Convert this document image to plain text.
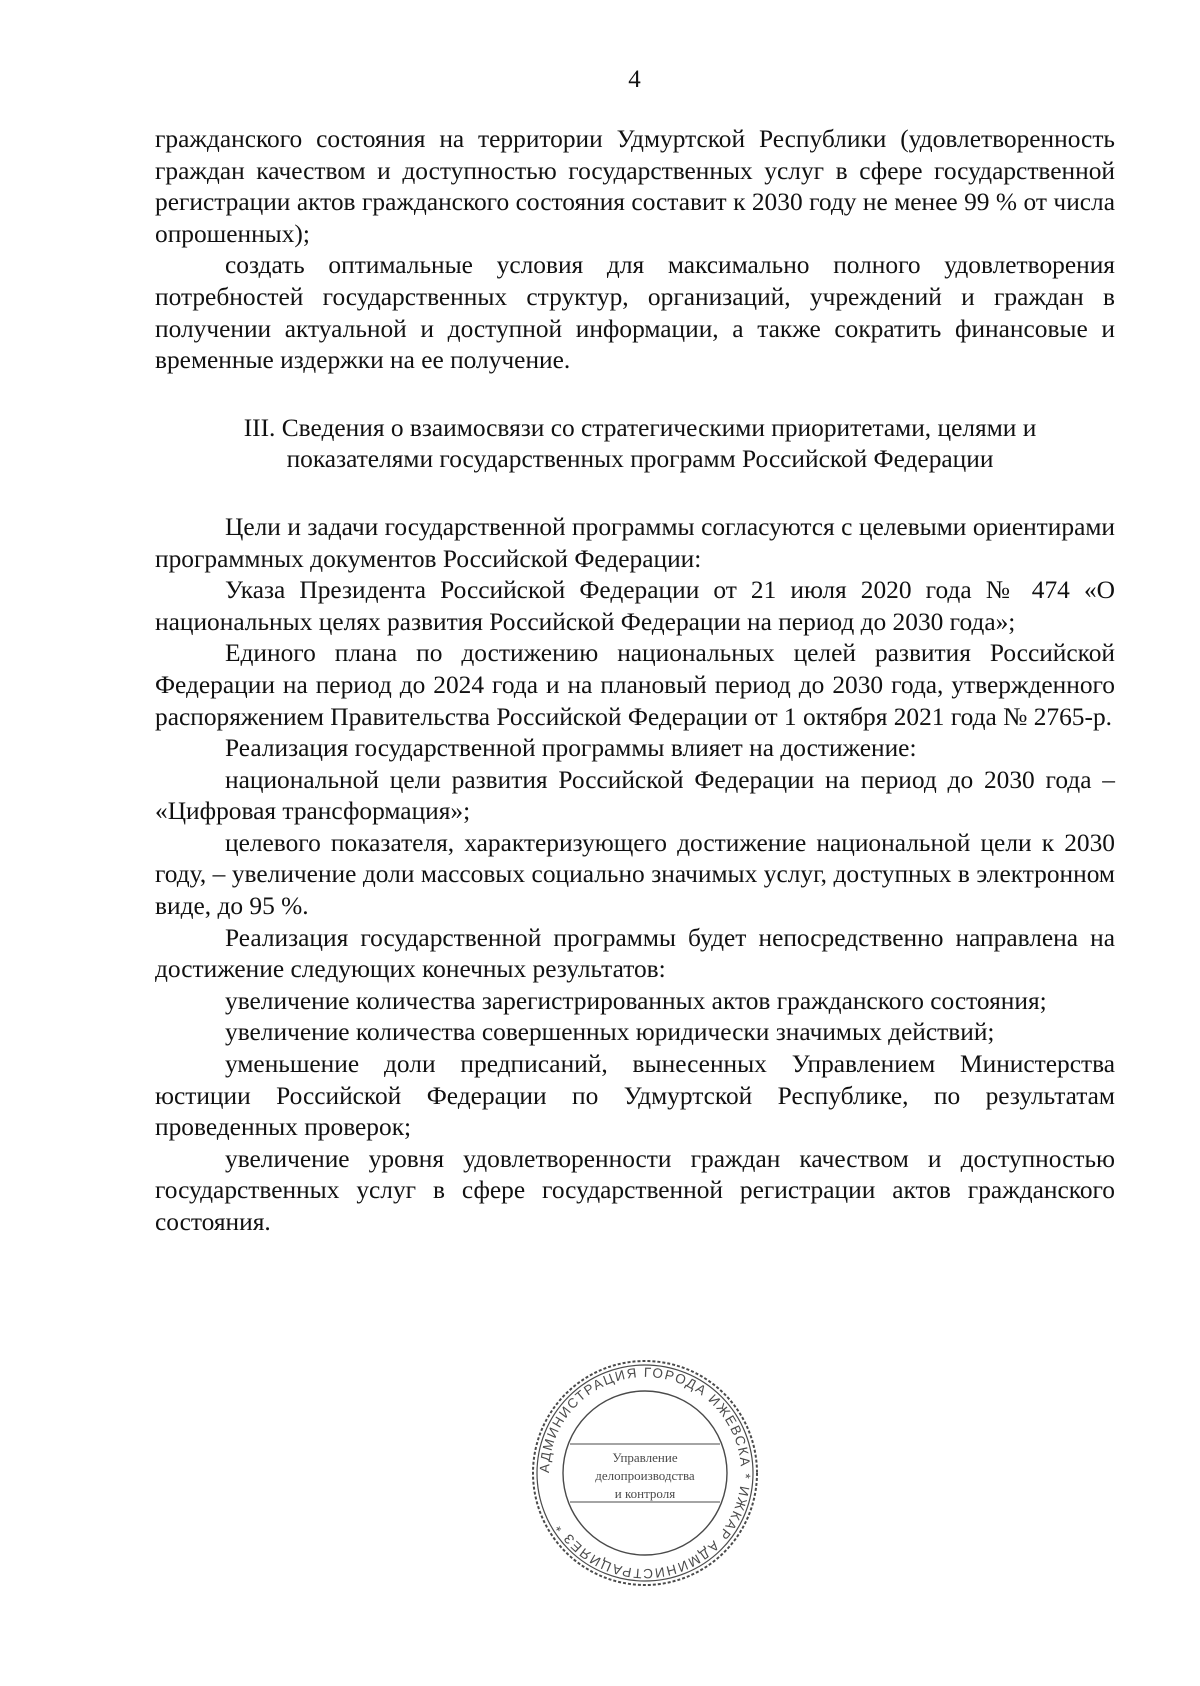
4

гражданского состояния на территории Удмуртской Республики (удовлетворенность граждан качеством и доступностью государственных услуг в сфере государственной регистрации актов гражданского состояния составит к 2030 году не менее 99 % от числа опрошенных);

создать оптимальные условия для максимально полного удовлетворения потребностей государственных структур, организаций, учреждений и граждан в получении актуальной и доступной информации, а также сократить финансовые и временные издержки на ее получение.

III. Сведения о взаимосвязи со стратегическими приоритетами, целями и показателями государственных программ Российской Федерации

Цели и задачи государственной программы согласуются с целевыми ориентирами программных документов Российской Федерации:

Указа Президента Российской Федерации от 21 июля 2020 года № 474 «О национальных целях развития Российской Федерации на период до 2030 года»;

Единого плана по достижению национальных целей развития Российской Федерации на период до 2024 года и на плановый период до 2030 года, утвержденного распоряжением Правительства Российской Федерации от 1 октября 2021 года № 2765-р.

Реализация государственной программы влияет на достижение:

национальной цели развития Российской Федерации на период до 2030 года – «Цифровая трансформация»;

целевого показателя, характеризующего достижение национальной цели к 2030 году, – увеличение доли массовых социально значимых услуг, доступных в электронном виде, до 95 %.

Реализация государственной программы будет непосредственно направлена на достижение следующих конечных результатов:

увеличение количества зарегистрированных актов гражданского состояния;

увеличение количества совершенных юридически значимых действий;

уменьшение доли предписаний, вынесенных Управлением Министерства юстиции Российской Федерации по Удмуртской Республике, по результатам проведенных проверок;

увеличение уровня удовлетворенности граждан качеством и доступностью государственных услуг в сфере государственной регистрации актов гражданского состояния.

АДМИНИСТРАЦИЯ ГОРОДА ИЖЕВСКА * ИЖКАР АДМИНИСТРАЦИЯЕЗ *
Управление
делопроизводства
и контроля
